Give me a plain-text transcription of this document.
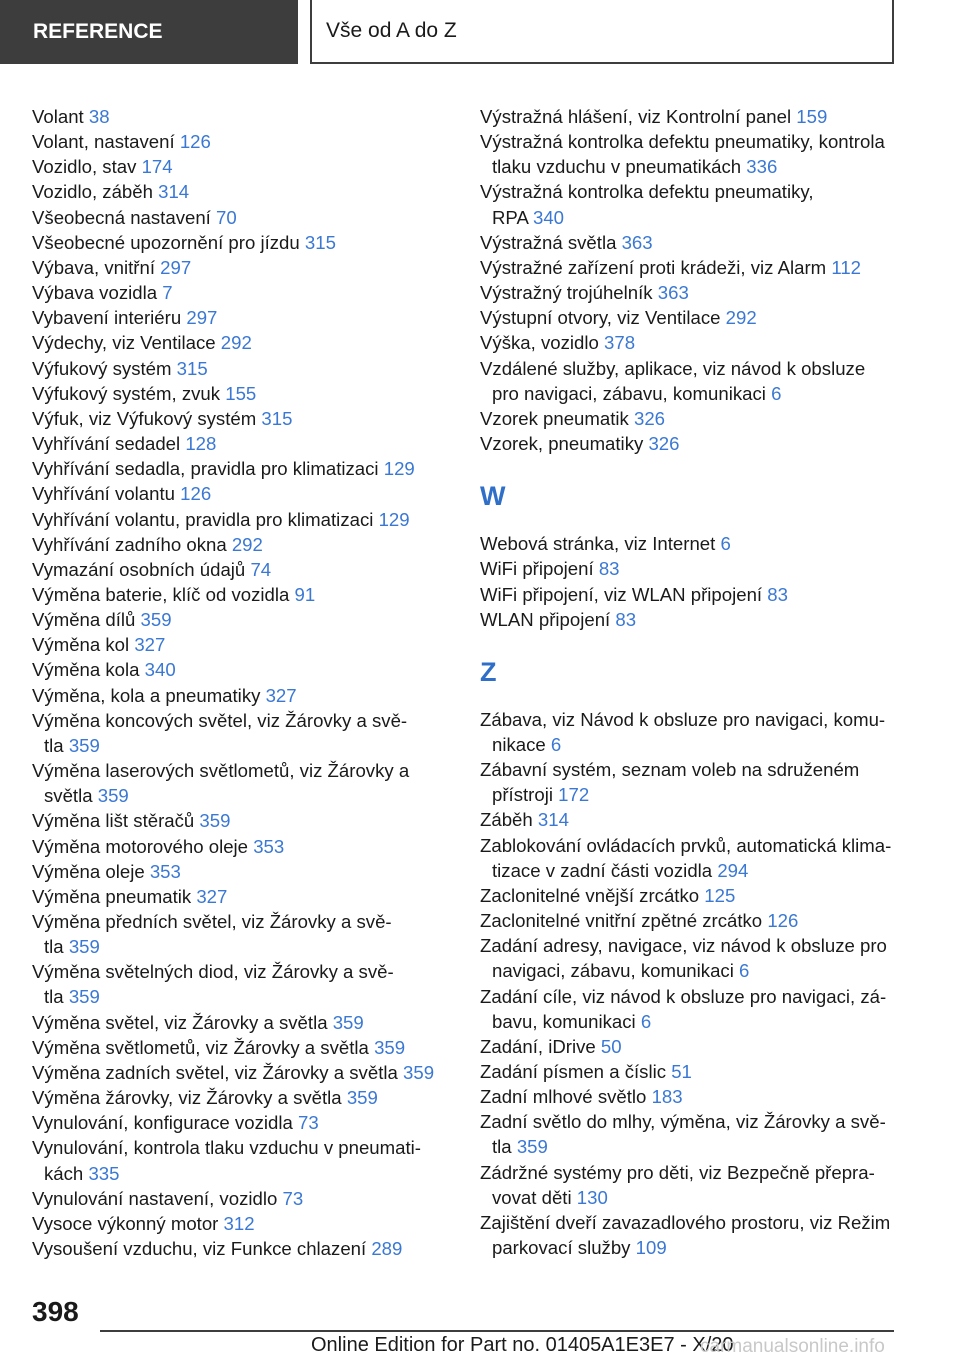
REFERENCE	Vše od A do Z
Volant 38
Volant, nastavení 126
Vozidlo, stav 174
Vozidlo, záběh 314
Všeobecná nastavení 70
Všeobecné upozornění pro jízdu 315
Výbava, vnitřní 297
Výbava vozidla 7
Vybavení interiéru 297
Výdechy, viz Ventilace 292
Výfukový systém 315
Výfukový systém, zvuk 155
Výfuk, viz Výfukový systém 315
Vyhřívání sedadel 128
Vyhřívání sedadla, pravidla pro klimatizaci 129
Vyhřívání volantu 126
Vyhřívání volantu, pravidla pro klimatizaci 129
Vyhřívání zadního okna 292
Vymazání osobních údajů 74
Výměna baterie, klíč od vozidla 91
Výměna dílů 359
Výměna kol 327
Výměna kola 340
Výměna, kola a pneumatiky 327
Výměna koncových světel, viz Žárovky a svě-
tla 359
Výměna laserových světlometů, viz Žárovky a
světla 359
Výměna lišt stěračů 359
Výměna motorového oleje 353
Výměna oleje 353
Výměna pneumatik 327
Výměna předních světel, viz Žárovky a svě-
tla 359
Výměna světelných diod, viz Žárovky a svě-
tla 359
Výměna světel, viz Žárovky a světla 359
Výměna světlometů, viz Žárovky a světla 359
Výměna zadních světel, viz Žárovky a světla 359
Výměna žárovky, viz Žárovky a světla 359
Vynulování, konfigurace vozidla 73
Vynulování, kontrola tlaku vzduchu v pneumati-
kách 335
Vynulování nastavení, vozidlo 73
Vysoce výkonný motor 312
Vysoušení vzduchu, viz Funkce chlazení 289
Výstražná hlášení, viz Kontrolní panel 159
Výstražná kontrolka defektu pneumatiky, kontrola
tlaku vzduchu v pneumatikách 336
Výstražná kontrolka defektu pneumatiky,
RPA 340
Výstražná světla 363
Výstražné zařízení proti krádeži, viz Alarm 112
Výstražný trojúhelník 363
Výstupní otvory, viz Ventilace 292
Výška, vozidlo 378
Vzdálené služby, aplikace, viz návod k obsluze
pro navigaci, zábavu, komunikaci 6
Vzorek pneumatik 326
Vzorek, pneumatiky 326
W
Webová stránka, viz Internet 6
WiFi připojení 83
WiFi připojení, viz WLAN připojení 83
WLAN připojení 83
Z
Zábava, viz Návod k obsluze pro navigaci, komu-
nikace 6
Zábavní systém, seznam voleb na sdruženém
přístroji 172
Záběh 314
Zablokování ovládacích prvků, automatická klima-
tizace v zadní části vozidla 294
Zaclonitelné vnější zrcátko 125
Zaclonitelné vnitřní zpětné zrcátko 126
Zadání adresy, navigace, viz návod k obsluze pro
navigaci, zábavu, komunikaci 6
Zadání cíle, viz návod k obsluze pro navigaci, zá-
bavu, komunikaci 6
Zadání, iDrive 50
Zadání písmen a číslic 51
Zadní mlhové světlo 183
Zadní světlo do mlhy, výměna, viz Žárovky a svě-
tla 359
Zádržné systémy pro děti, viz Bezpečně přepra-
vovat děti 130
Zajištění dveří zavazadlového prostoru, viz Režim
parkovací služby 109
398
Online Edition for Part no. 01405A1E3E7 - X/20
carmanualsonline.info
